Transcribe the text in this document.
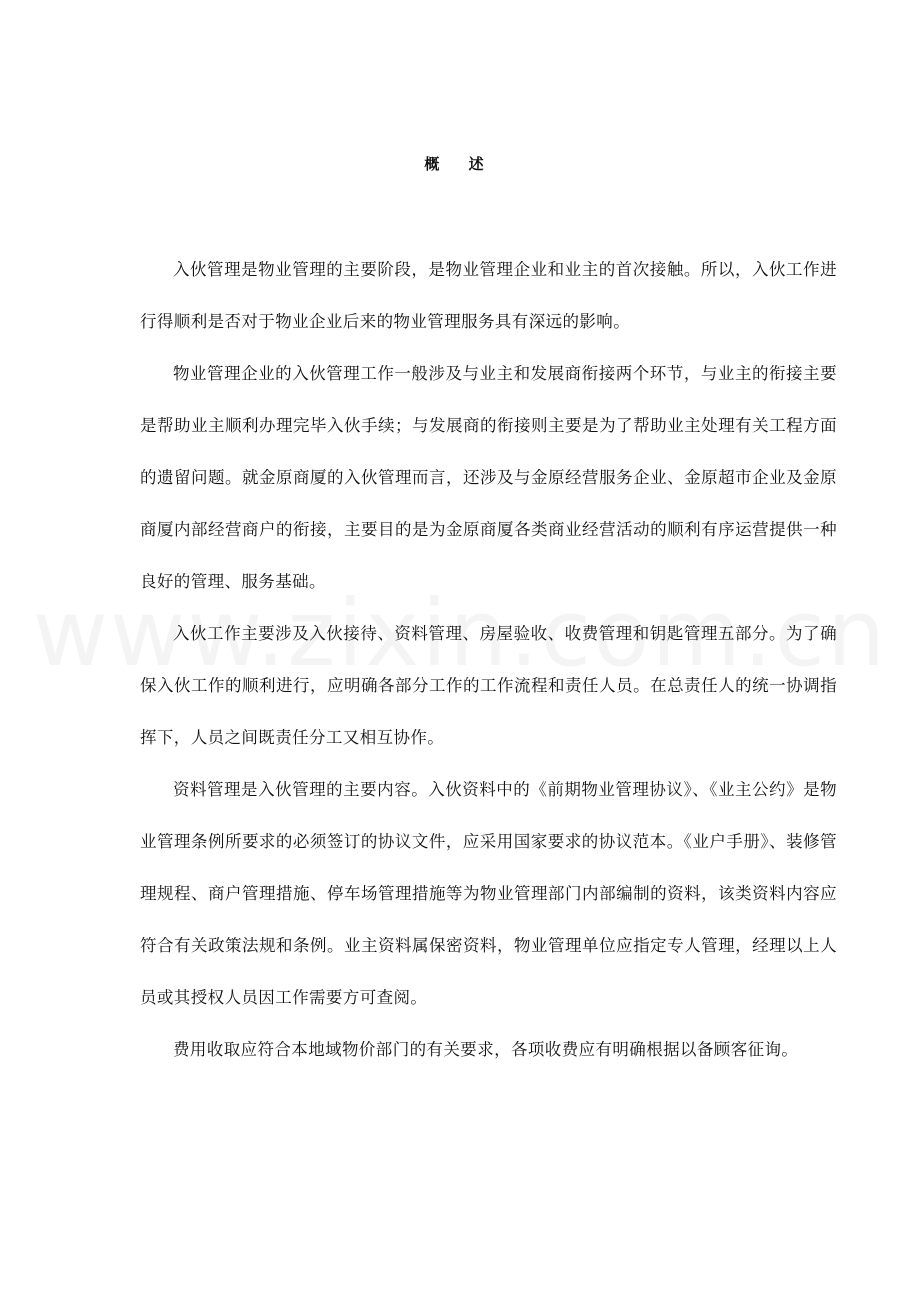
概 述

入伙管理是物业管理的主要阶段，是物业管理企业和业主的首次接触。所以，入伙工作进行得顺利是否对于物业企业后来的物业管理服务具有深远的影响。

物业管理企业的入伙管理工作一般涉及与业主和发展商衔接两个环节，与业主的衔接主要是帮助业主顺利办理完毕入伙手续；与发展商的衔接则主要是为了帮助业主处理有关工程方面的遗留问题。就金原商厦的入伙管理而言，还涉及与金原经营服务企业、金原超市企业及金原商厦内部经营商户的衔接，主要目的是为金原商厦各类商业经营活动的顺利有序运营提供一种良好的管理、服务基础。

入伙工作主要涉及入伙接待、资料管理、房屋验收、收费管理和钥匙管理五部分。为了确保入伙工作的顺利进行，应明确各部分工作的工作流程和责任人员。在总责任人的统一协调指挥下，人员之间既责任分工又相互协作。

资料管理是入伙管理的主要内容。入伙资料中的《前期物业管理协议》、《业主公约》是物业管理条例所要求的必须签订的协议文件，应采用国家要求的协议范本。《业户手册》、装修管理规程、商户管理措施、停车场管理措施等为物业管理部门内部编制的资料，该类资料内容应符合有关政策法规和条例。业主资料属保密资料，物业管理单位应指定专人管理，经理以上人员或其授权人员因工作需要方可查阅。

费用收取应符合本地域物价部门的有关要求，各项收费应有明确根据以备顾客征询。
